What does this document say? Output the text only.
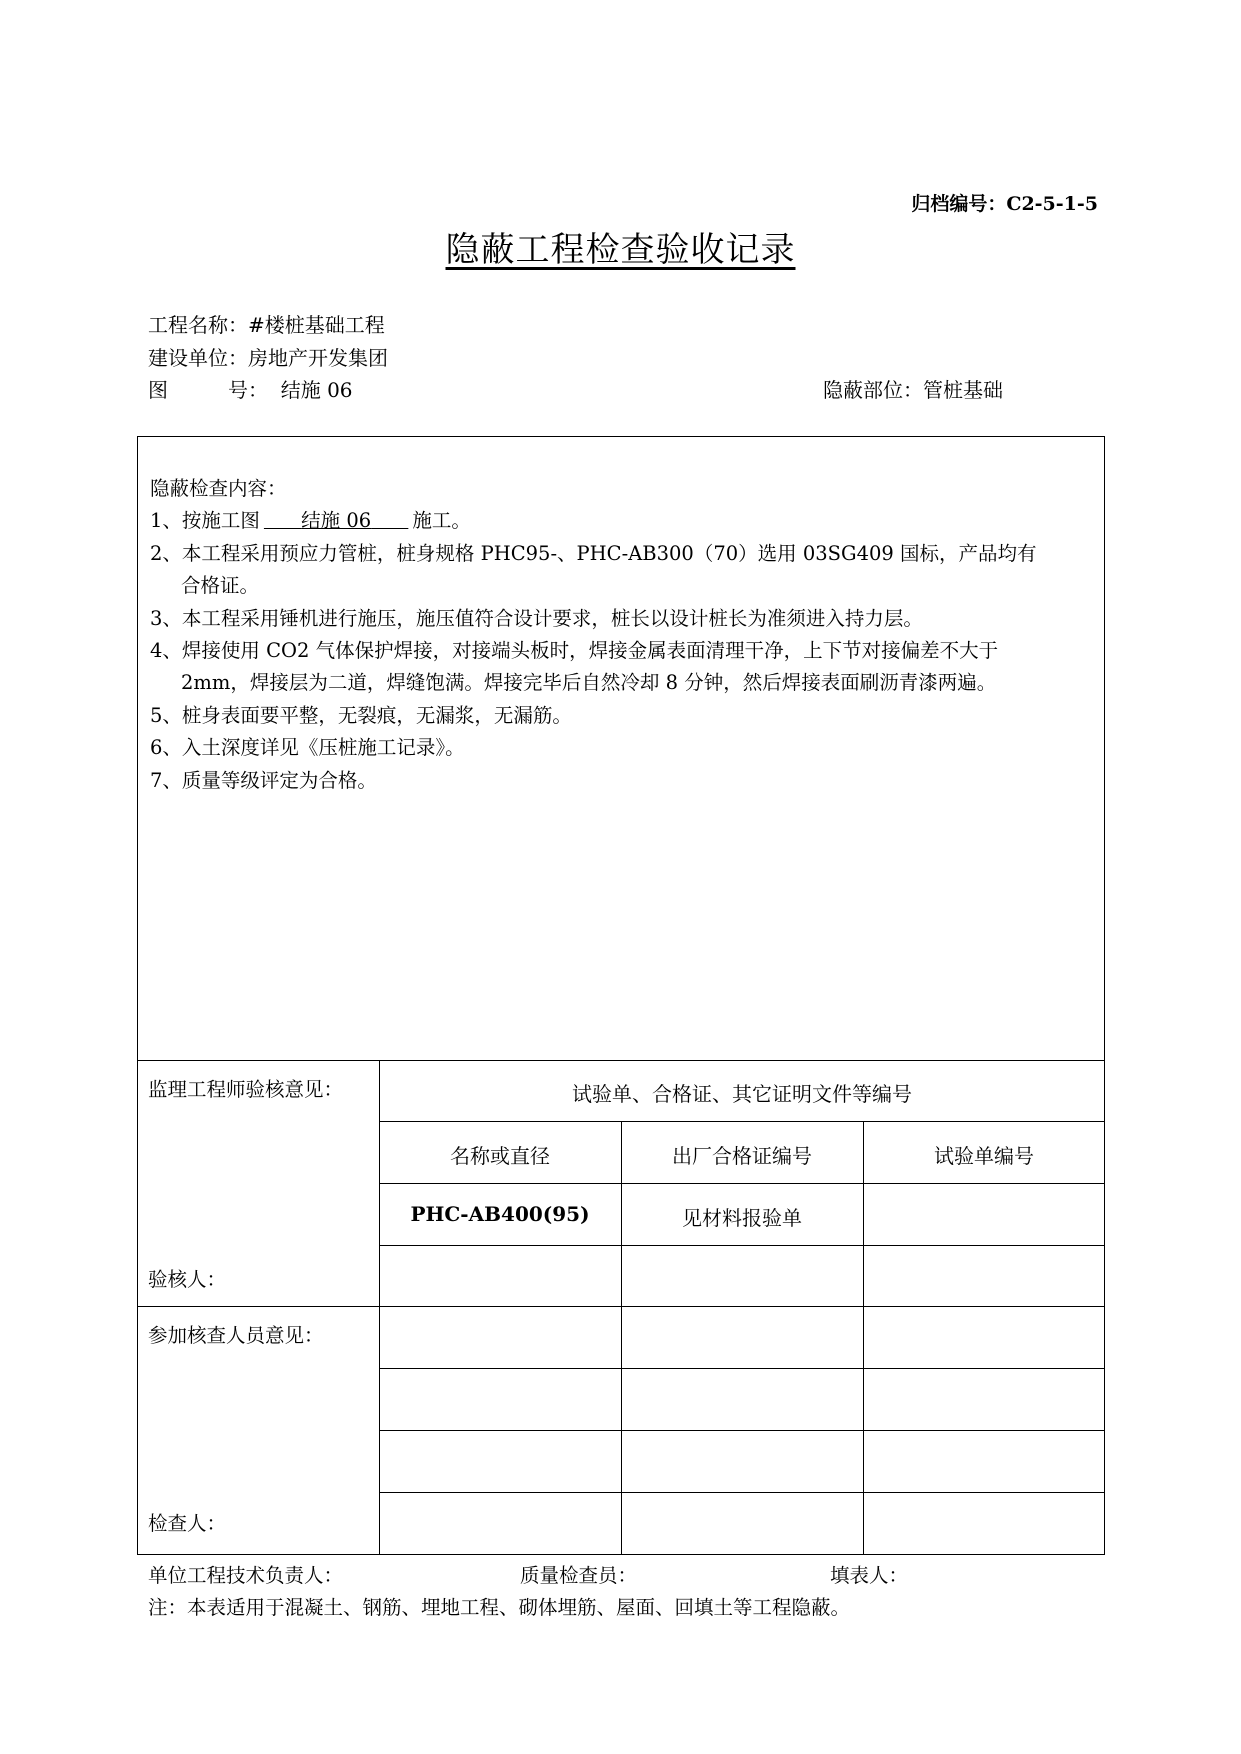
归档编号：C2-5-1-5
隐蔽工程检查验收记录
工程名称：#楼桩基础工程
建设单位：房地产开发集团
图	号： 结施 06	隐蔽部位：管桩基础
隐蔽检查内容：
1、按施工图 结施 06 施工。
2、本工程采用预应力管桩，桩身规格 PHC95-、PHC-AB300（70）选用 03SG409 国标，产品均有
合格证。
3、本工程采用锤机进行施压，施压值符合设计要求，桩长以设计桩长为准须进入持力层。
4、焊接使用 CO2 气体保护焊接，对接端头板时，焊接金属表面清理干净，上下节对接偏差不大于
2mm，焊接层为二道，焊缝饱满。焊接完毕后自然冷却 8 分钟，然后焊接表面刷沥青漆两遍。
5、桩身表面要平整，无裂痕，无漏浆，无漏筋。
6、入土深度详见《压桩施工记录》。
7、质量等级评定为合格。
监理工程师验核意见：
验核人：
参加核查人员意见：
检查人：
试验单、合格证、其它证明文件等编号
名称或直径	出厂合格证编号	试验单编号
PHC-AB400(95)	见材料报验单
单位工程技术负责人：	质量检查员：	填表人：
注：本表适用于混凝土、钢筋、埋地工程、砌体埋筋、屋面、回填土等工程隐蔽。
